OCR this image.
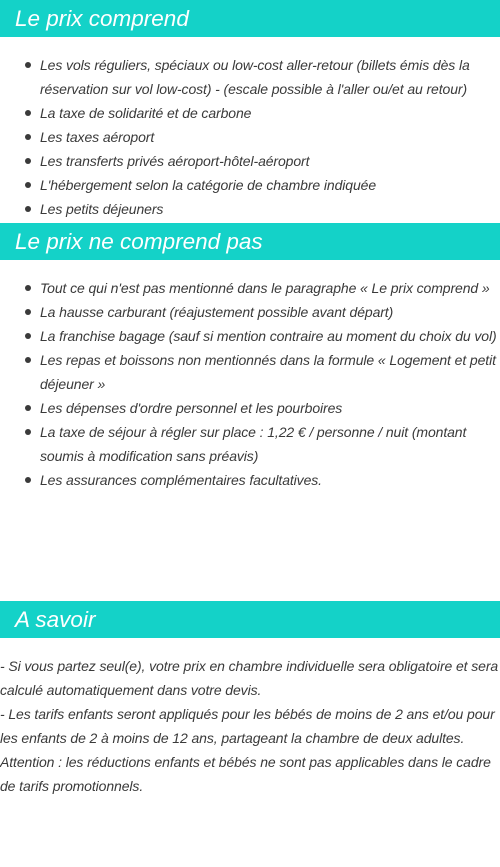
Le prix comprend
Les vols réguliers, spéciaux ou low-cost aller-retour (billets émis dès la réservation sur vol low-cost) - (escale possible à l'aller ou/et au retour)
La taxe de solidarité et de carbone
Les taxes aéroport
Les transferts privés aéroport-hôtel-aéroport
L'hébergement selon la catégorie de chambre indiquée
Les petits déjeuners
Le prix ne comprend pas
Tout ce qui n'est pas mentionné dans le paragraphe « Le prix comprend »
La hausse carburant (réajustement possible avant départ)
La franchise bagage (sauf si mention contraire au moment du choix du vol)
Les repas et boissons non mentionnés dans la formule « Logement et petit déjeuner »
Les dépenses d'ordre personnel et les pourboires
La taxe de séjour à régler sur place : 1,22 € / personne / nuit (montant soumis à modification sans préavis)
Les assurances complémentaires facultatives.
A savoir
- Si vous partez seul(e), votre prix en chambre individuelle sera obligatoire et sera calculé automatiquement dans votre devis.
- Les tarifs enfants seront appliqués pour les bébés de moins de 2 ans et/ou pour les enfants de 2 à moins de 12 ans, partageant la chambre de deux adultes.
Attention : les réductions enfants et bébés ne sont pas applicables dans le cadre de tarifs promotionnels.
